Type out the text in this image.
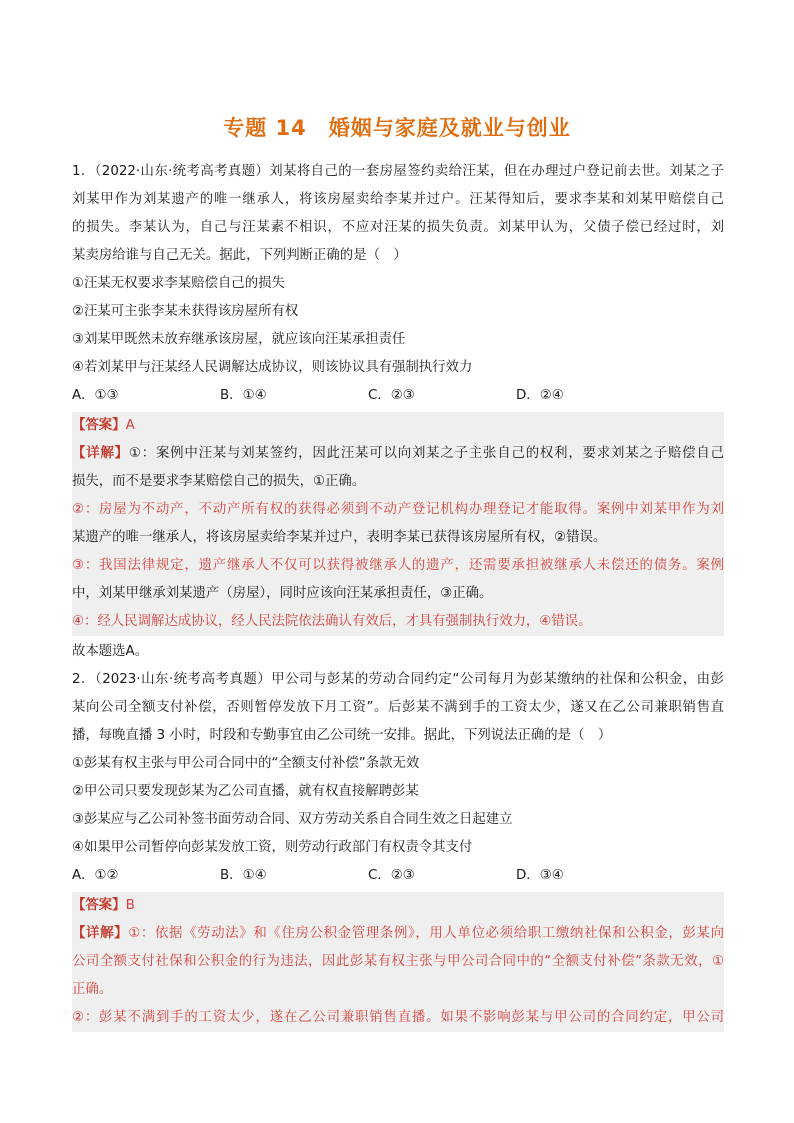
专题 14　婚姻与家庭及就业与创业
1．（2022·山东·统考高考真题）刘某将自己的一套房屋签约卖给汪某，但在办理过户登记前去世。刘某之子
刘某甲作为刘某遗产的唯一继承人，将该房屋卖给李某并过户。汪某得知后，要求李某和刘某甲赔偿自己
的损失。李某认为，自己与汪某素不相识，不应对汪某的损失负责。刘某甲认为，父债子偿已经过时，刘
某卖房给谁与自己无关。据此，下列判断正确的是（　）
①汪某无权要求李某赔偿自己的损失
②汪某可主张李某未获得该房屋所有权
③刘某甲既然未放弃继承该房屋，就应该向汪某承担责任
④若刘某甲与汪某经人民调解达成协议，则该协议具有强制执行效力
A．①③	B．①④	C．②③	D．②④
【答案】A
【详解】①：案例中汪某与刘某签约，因此汪某可以向刘某之子主张自己的权利，要求刘某之子赔偿自己
损失，而不是要求李某赔偿自己的损失，①正确。
②：房屋为不动产，不动产所有权的获得必须到不动产登记机构办理登记才能取得。案例中刘某甲作为刘
某遗产的唯一继承人，将该房屋卖给李某并过户，表明李某已获得该房屋所有权，②错误。
③：我国法律规定，遗产继承人不仅可以获得被继承人的遗产，还需要承担被继承人未偿还的债务。案例
中，刘某甲继承刘某遗产（房屋），同时应该向汪某承担责任，③正确。
④：经人民调解达成协议，经人民法院依法确认有效后，才具有强制执行效力，④错误。
故本题选A。
2．（2023·山东·统考高考真题）甲公司与彭某的劳动合同约定“公司每月为彭某缴纳的社保和公积金，由彭
某向公司全额支付补偿，否则暂停发放下月工资”。后彭某不满到手的工资太少，遂又在乙公司兼职销售直
播，每晚直播 3 小时，时段和专勤事宜由乙公司统一安排。据此，下列说法正确的是（　）
①彭某有权主张与甲公司合同中的“全额支付补偿”条款无效
②甲公司只要发现彭某为乙公司直播，就有权直接解聘彭某
③彭某应与乙公司补签书面劳动合同、双方劳动关系自合同生效之日起建立
④如果甲公司暂停向彭某发放工资，则劳动行政部门有权责令其支付
A．①②	B．①④	C．②③	D．③④
【答案】B
【详解】①：依据《劳动法》和《住房公积金管理条例》，用人单位必须给职工缴纳社保和公积金，彭某向
公司全额支付社保和公积金的行为违法，因此彭某有权主张与甲公司合同中的“全额支付补偿”条款无效，①
正确。
②：彭某不满到手的工资太少，遂在乙公司兼职销售直播。如果不影响彭某与甲公司的合同约定，甲公司
